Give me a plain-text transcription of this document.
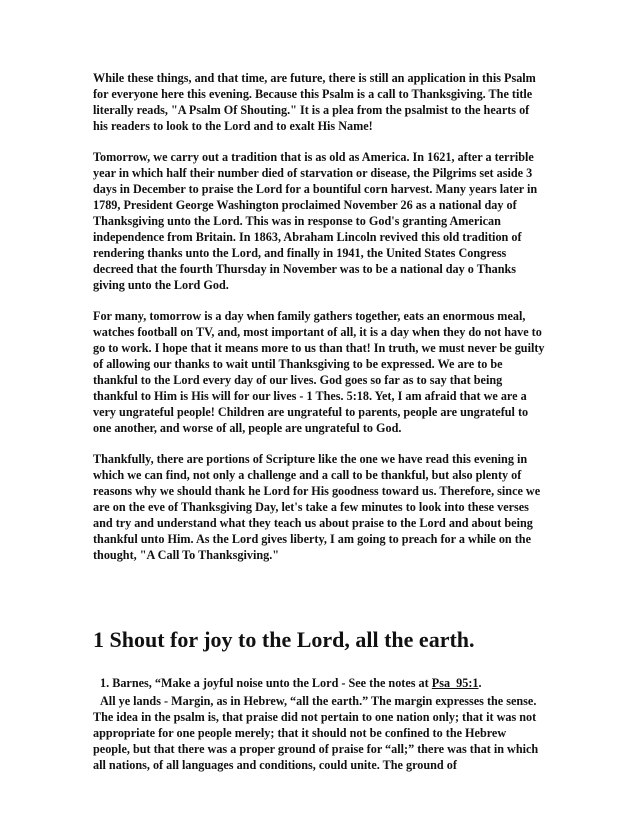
While these things, and that time, are future, there is still an application in this Psalm for everyone here this evening. Because this Psalm is a call to Thanksgiving. The title literally reads, "A Psalm Of Shouting." It is a plea from the psalmist to the hearts of his readers to look to the Lord and to exalt His Name!

Tomorrow, we carry out a tradition that is as old as America. In 1621, after a terrible year in which half their number died of starvation or disease, the Pilgrims set aside 3 days in December to praise the Lord for a bountiful corn harvest. Many years later in 1789, President George Washington proclaimed November 26 as a national day of Thanksgiving unto the Lord. This was in response to God's granting American independence from Britain. In 1863, Abraham Lincoln revived this old tradition of rendering thanks unto the Lord, and finally in 1941, the United States Congress decreed that the fourth Thursday in November was to be a national day o Thanks giving unto the Lord God.

For many, tomorrow is a day when family gathers together, eats an enormous meal, watches football on TV, and, most important of all, it is a day when they do not have to go to work. I hope that it means more to us than that! In truth, we must never be guilty of allowing our thanks to wait until Thanksgiving to be expressed. We are to be thankful to the Lord every day of our lives. God goes so far as to say that being thankful to Him is His will for our lives - 1 Thes. 5:18. Yet, I am afraid that we are a very ungrateful people! Children are ungrateful to parents, people are ungrateful to one another, and worse of all, people are ungrateful to God.

Thankfully, there are portions of Scripture like the one we have read this evening in which we can find, not only a challenge and a call to be thankful, but also plenty of reasons why we should thank he Lord for His goodness toward us. Therefore, since we are on the eve of Thanksgiving Day, let's take a few minutes to look into these verses and try and understand what they teach us about praise to the Lord and about being thankful unto Him. As the Lord gives liberty, I am going to preach for a while on the thought, "A Call To Thanksgiving."

1 Shout for joy to the Lord, all the earth.

1. Barnes, “Make a joyful noise unto the Lord - See the notes at Psa_95:1.

All ye lands - Margin, as in Hebrew, “all the earth.” The margin expresses the sense. The idea in the psalm is, that praise did not pertain to one nation only; that it was not appropriate for one people merely; that it should not be confined to the Hebrew people, but that there was a proper ground of praise for “all;” there was that in which all nations, of all languages and conditions, could unite. The ground of
